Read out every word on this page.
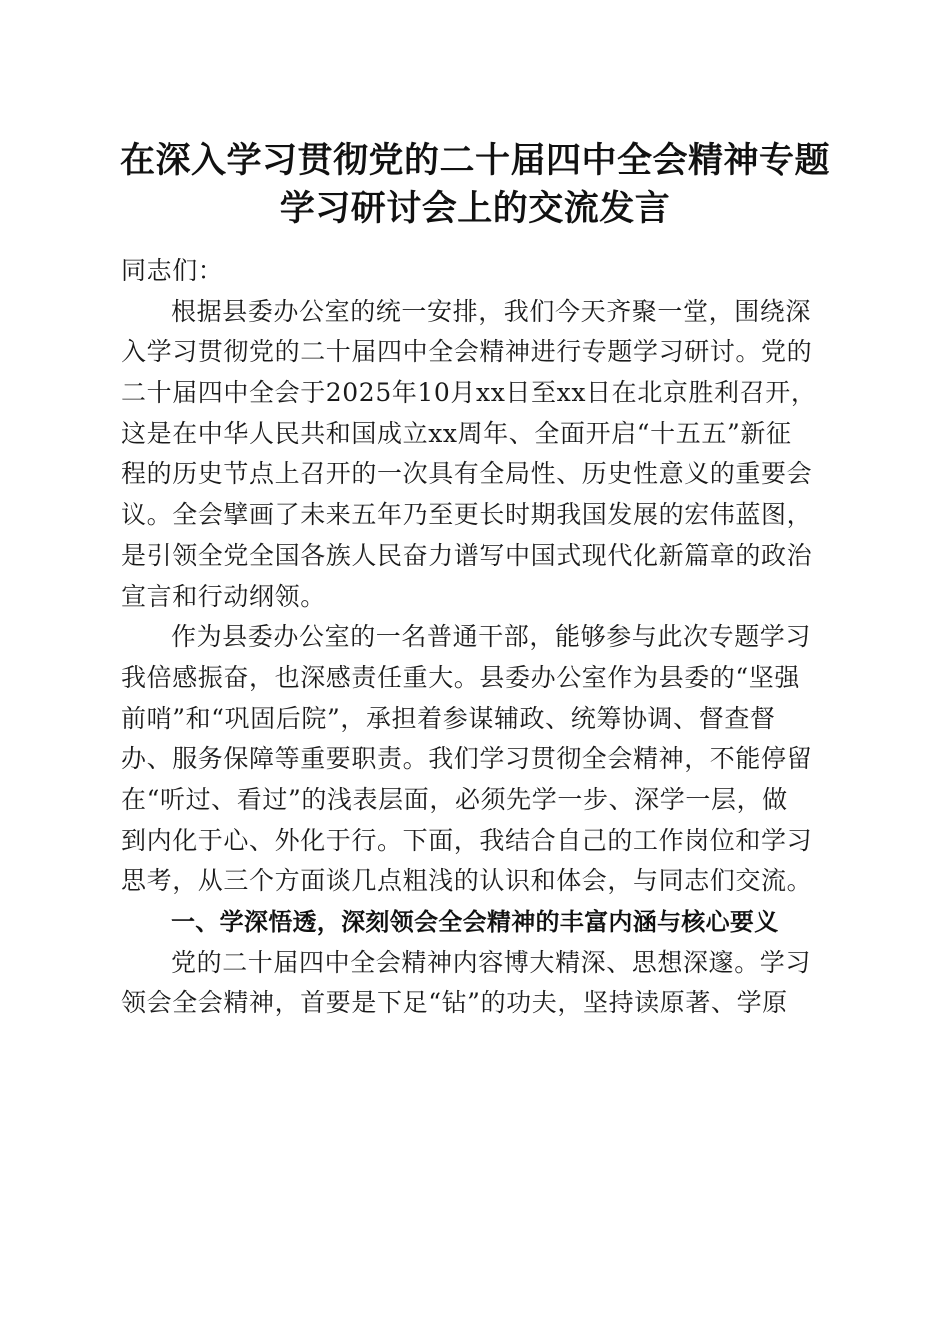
在深入学习贯彻党的二十届四中全会精神专题
学习研讨会上的交流发言
同志们：
根据县委办公室的统一安排，我们今天齐聚一堂，围绕深
入学习贯彻党的二十届四中全会精神进行专题学习研讨。党的
二十届四中全会于2025年10月xx日至xx日在北京胜利召开，
这是在中华人民共和国成立xx周年、全面开启“十五五”新征
程的历史节点上召开的一次具有全局性、历史性意义的重要会
议。全会擘画了未来五年乃至更长时期我国发展的宏伟蓝图，
是引领全党全国各族人民奋力谱写中国式现代化新篇章的政治
宣言和行动纲领。
作为县委办公室的一名普通干部，能够参与此次专题学习
我倍感振奋，也深感责任重大。县委办公室作为县委的“坚强
前哨”和“巩固后院”，承担着参谋辅政、统筹协调、督查督
办、服务保障等重要职责。我们学习贯彻全会精神，不能停留
在“听过、看过”的浅表层面，必须先学一步、深学一层，做
到内化于心、外化于行。下面，我结合自己的工作岗位和学习
思考，从三个方面谈几点粗浅的认识和体会，与同志们交流。
一、学深悟透，深刻领会全会精神的丰富内涵与核心要义
党的二十届四中全会精神内容博大精深、思想深邃。学习
领会全会精神，首要是下足“钻”的功夫，坚持读原著、学原
